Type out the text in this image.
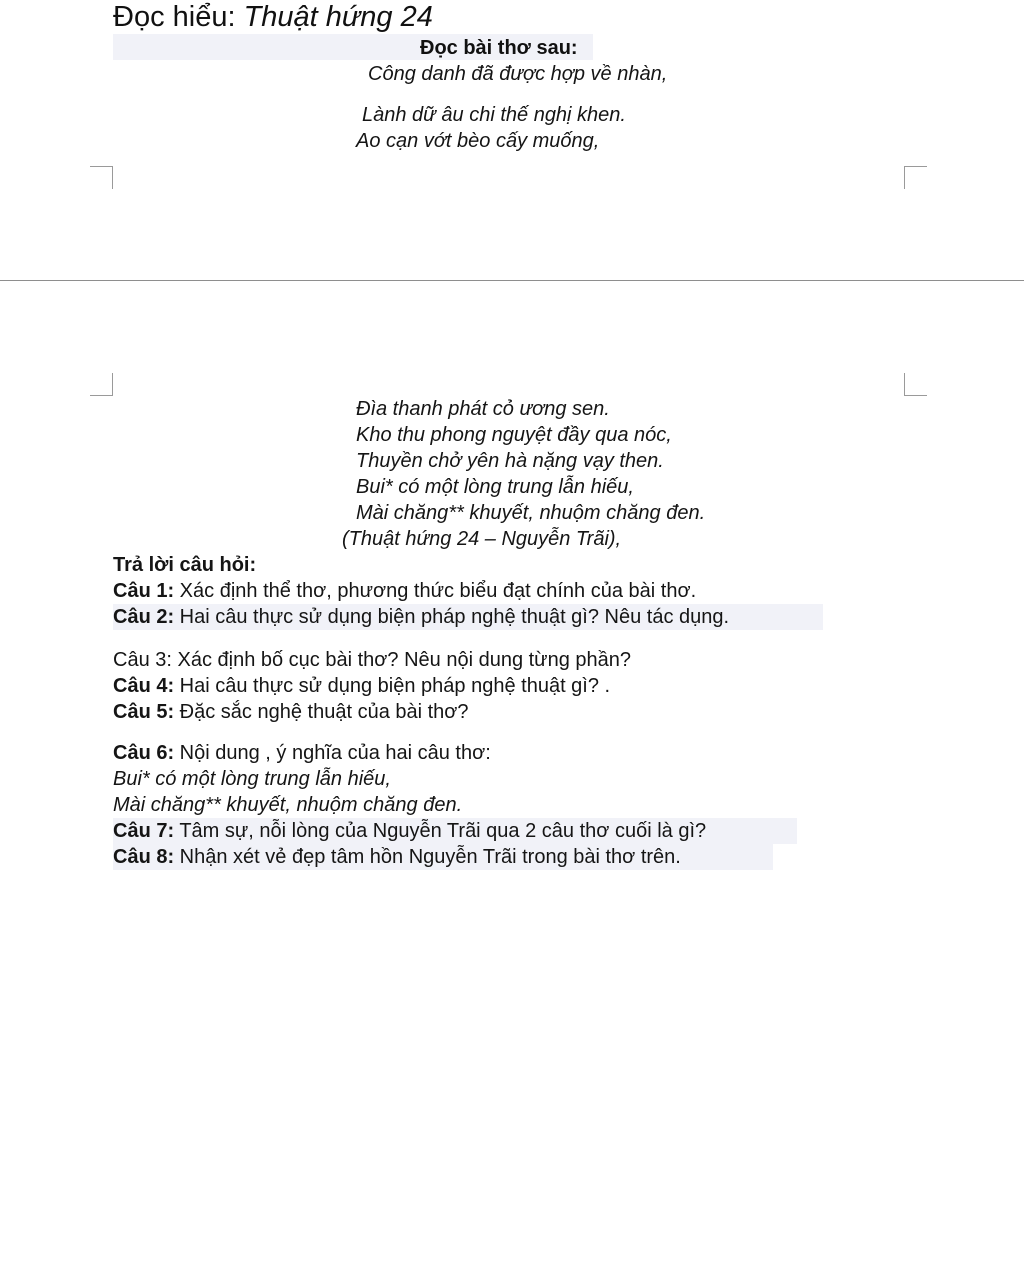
Đọc hiểu: Thuật hứng 24
Đọc bài thơ sau:
Công danh đã được hợp về nhàn,
Lành dữ âu chi thế nghị khen.
Ao cạn vớt bèo cấy muống,
Đìa thanh phát cỏ ương sen.
Kho thu phong nguyệt đầy qua nóc,
Thuyền chở yên hà nặng vạy then.
Bui* có một lòng trung lẫn hiếu,
Mài chăng** khuyết, nhuộm chăng đen.
(Thuật hứng 24 – Nguyễn Trãi),
Trả lời câu hỏi:
Câu 1: Xác định thể thơ, phương thức biểu đạt chính của bài thơ.
Câu 2: Hai câu thực sử dụng biện pháp nghệ thuật gì? Nêu tác dụng.
Câu 3: Xác định bố cục bài thơ? Nêu nội dung từng phần?
Câu 4: Hai câu thực sử dụng biện pháp nghệ thuật gì? .
Câu 5: Đặc sắc nghệ thuật của bài thơ?
Câu 6: Nội dung , ý nghĩa của hai câu thơ:
Bui* có một lòng trung lẫn hiếu,
Mài chăng** khuyết, nhuộm chăng đen.
Câu 7: Tâm sự, nỗi lòng của Nguyễn Trãi qua 2 câu thơ cuối là gì?
Câu 8: Nhận xét vẻ đẹp tâm hồn Nguyễn Trãi trong bài thơ trên.
